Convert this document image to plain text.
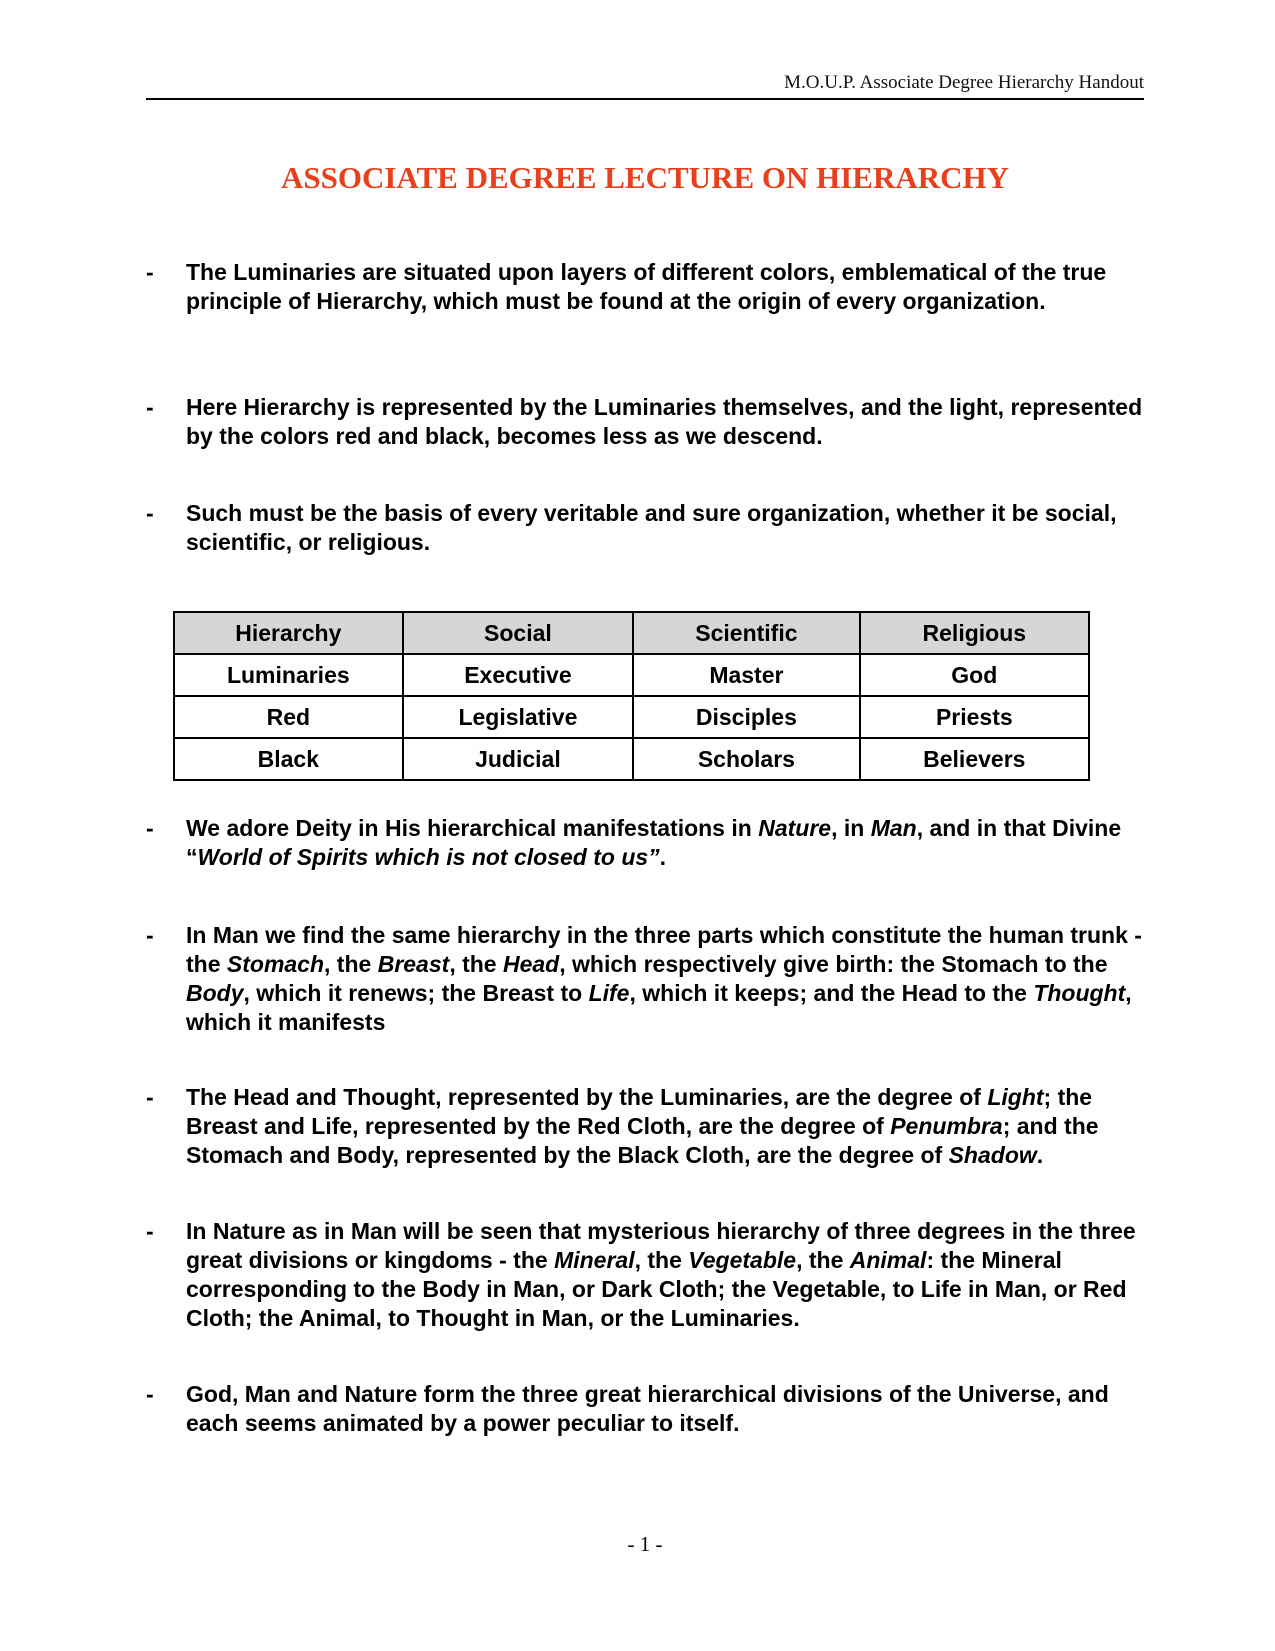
M.O.U.P. Associate Degree Hierarchy Handout
ASSOCIATE DEGREE LECTURE ON HIERARCHY
- The Luminaries are situated upon layers of different colors, emblematical of the true principle of Hierarchy, which must be found at the origin of every organization.
- Here Hierarchy is represented by the Luminaries themselves, and the light, represented by the colors red and black, becomes less as we descend.
- Such must be the basis of every veritable and sure organization, whether it be social, scientific, or religious.
Hierarchy	Social	Scientific	Religious
Luminaries	Executive	Master	God
Red	Legislative	Disciples	Priests
Black	Judicial	Scholars	Believers
- We adore Deity in His hierarchical manifestations in Nature, in Man, and in that Divine “World of Spirits which is not closed to us”.
- In Man we find the same hierarchy in the three parts which constitute the human trunk - the Stomach, the Breast, the Head, which respectively give birth: the Stomach to the Body, which it renews; the Breast to Life, which it keeps; and the Head to the Thought, which it manifests
- The Head and Thought, represented by the Luminaries, are the degree of Light; the Breast and Life, represented by the Red Cloth, are the degree of Penumbra; and the Stomach and Body, represented by the Black Cloth, are the degree of Shadow.
- In Nature as in Man will be seen that mysterious hierarchy of three degrees in the three great divisions or kingdoms - the Mineral, the Vegetable, the Animal: the Mineral corresponding to the Body in Man, or Dark Cloth; the Vegetable, to Life in Man, or Red Cloth; the Animal, to Thought in Man, or the Luminaries.
- God, Man and Nature form the three great hierarchical divisions of the Universe, and each seems animated by a power peculiar to itself.
- 1 -
